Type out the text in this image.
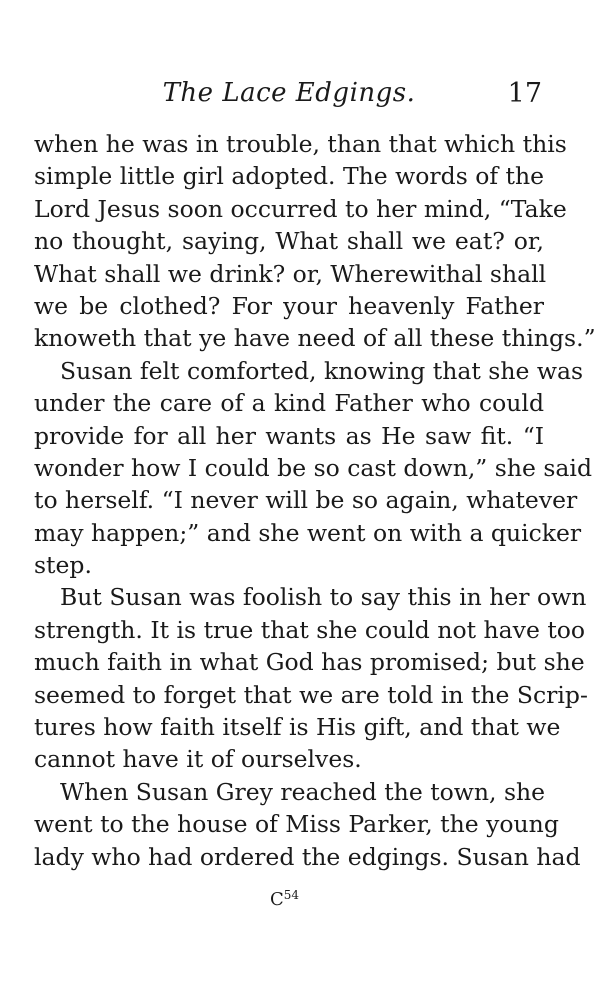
The Lace Edgings.	17
when he was in trouble, than that which this
simple little girl adopted. The words of the
Lord Jesus soon occurred to her mind, “Take
no thought, saying, What shall we eat? or,
What shall we drink? or, Wherewithal shall
we be clothed? For your heavenly Father
knoweth that ye have need of all these things.”
Susan felt comforted, knowing that she was
under the care of a kind Father who could
provide for all her wants as He saw fit. “I
wonder how I could be so cast down,” she said
to herself. “I never will be so again, whatever
may happen;” and she went on with a quicker
step.
But Susan was foolish to say this in her own
strength. It is true that she could not have too
much faith in what God has promised; but she
seemed to forget that we are told in the Scrip-
tures how faith itself is His gift, and that we
cannot have it of ourselves.
When Susan Grey reached the town, she
went to the house of Miss Parker, the young
lady who had ordered the edgings. Susan had
$C^{54}$
